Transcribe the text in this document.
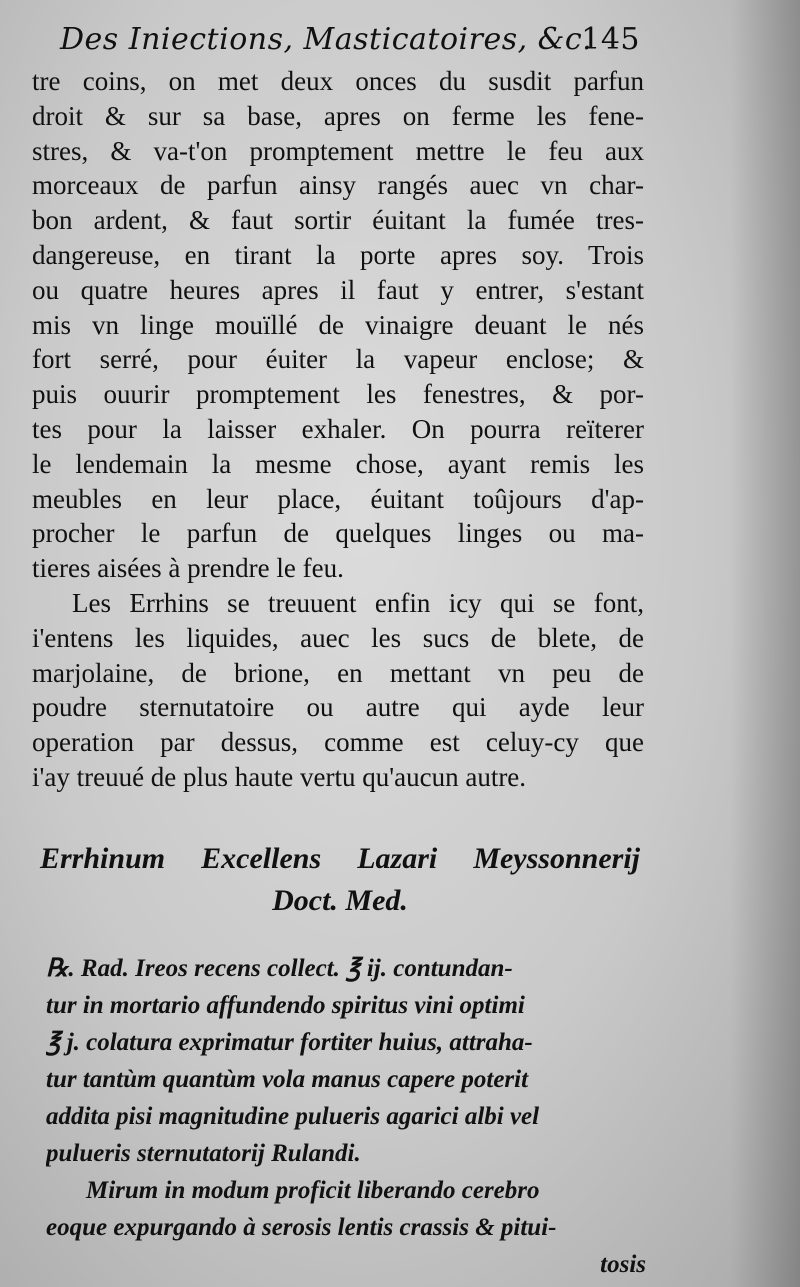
Des Iniections, Masticatoires, &c.
145
tre coins, on met deux onces du susdit parfun
droit & sur sa base, apres on ferme les fene-
stres, & va-t'on promptement mettre le feu aux
morceaux de parfun ainsy rangés auec vn char-
bon ardent, & faut sortir éuitant la fumée tres-
dangereuse, en tirant la porte apres soy. Trois
ou quatre heures apres il faut y entrer, s'estant
mis vn linge mouïllé de vinaigre deuant le nés
fort serré, pour éuiter la vapeur enclose; &
puis ouurir promptement les fenestres, & por-
tes pour la laisser exhaler. On pourra reïterer
le lendemain la mesme chose, ayant remis les
meubles en leur place, éuitant toûjours d'ap-
procher le parfun de quelques linges ou ma-
tieres aisées à prendre le feu.
Les Errhins se treuuent enfin icy qui se font,
i'entens les liquides, auec les sucs de blete, de
marjolaine, de brione, en mettant vn peu de
poudre sternutatoire ou autre qui ayde leur
operation par dessus, comme est celuy-cy que
i'ay treuué de plus haute vertu qu'aucun autre.
Errhinum Excellens Lazari Meyssonnerij
Doct. Med.
℞. Rad. Ireos recens collect. ℥ ij. contundan-
tur in mortario affundendo spiritus vini optimi
℥ j. colatura exprimatur fortiter huius, attraha-
tur tantùm quantùm vola manus capere poterit
addita pisi magnitudine pulueris agarici albi vel
pulueris sternutatorij Rulandi.
Mirum in modum proficit liberando cerebro
eoque expurgando à serosis lentis crassis & pitui-
tosis
